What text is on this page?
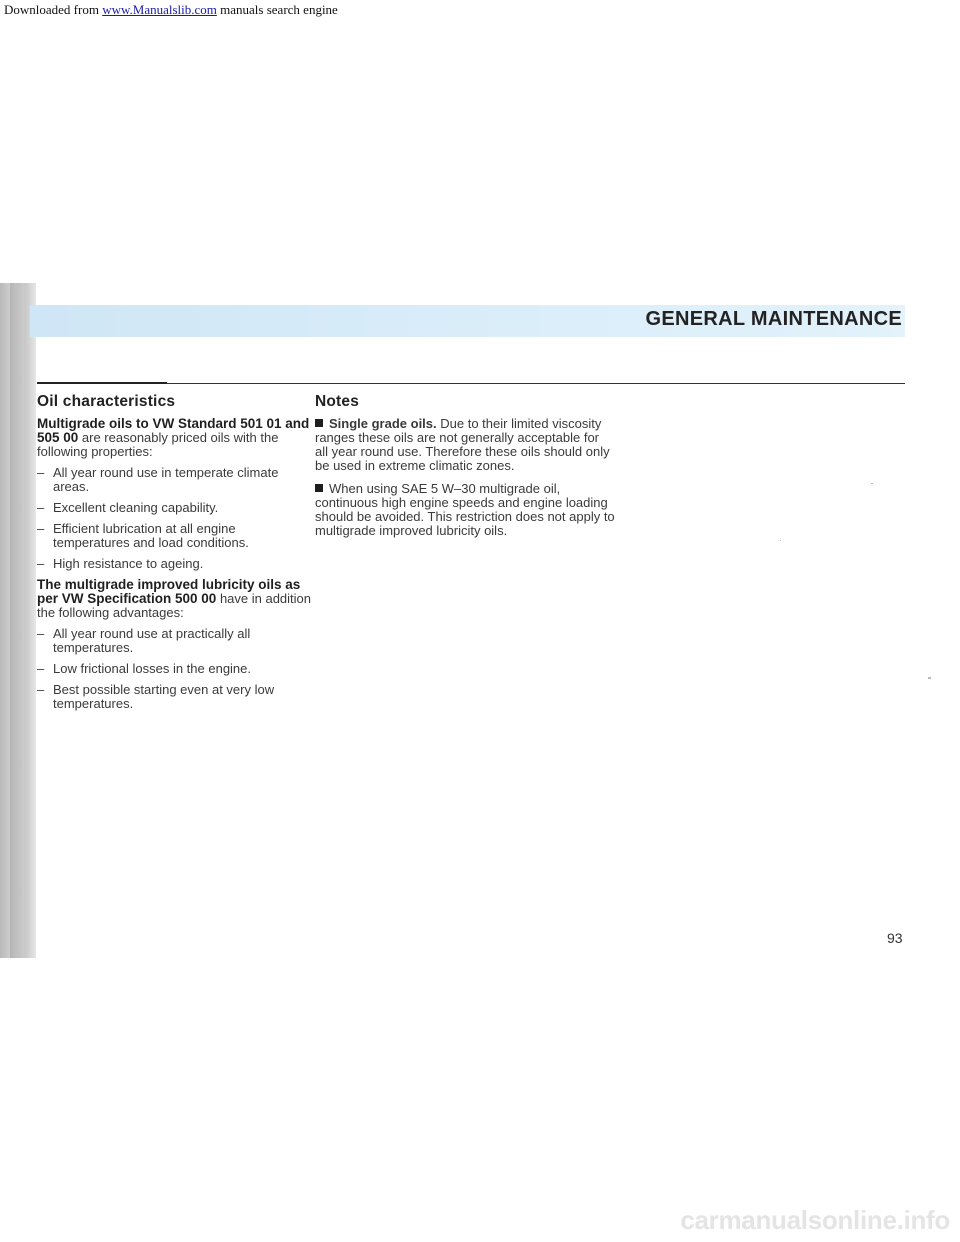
Downloaded from www.Manualslib.com manuals search engine
GENERAL MAINTENANCE
Oil characteristics

Multigrade oils to VW Standard 501 01 and 505 00 are reasonably priced oils with the following properties:

– All year round use in temperate climate areas.
– Excellent cleaning capability.
– Efficient lubrication at all engine temperatures and load conditions.
– High resistance to ageing.

The multigrade improved lubricity oils as per VW Specification 500 00 have in addition the following advantages:

– All year round use at practically all temperatures.
– Low frictional losses in the engine.
– Best possible starting even at very low temperatures.
Notes

Single grade oils. Due to their limited viscosity ranges these oils are not generally acceptable for all year round use. Therefore these oils should only be used in extreme climatic zones.

When using SAE 5 W–30 multigrade oil, continuous high engine speeds and engine loading should be avoided. This restriction does not apply to multigrade improved lubricity oils.

93
carmanualsonline.info
